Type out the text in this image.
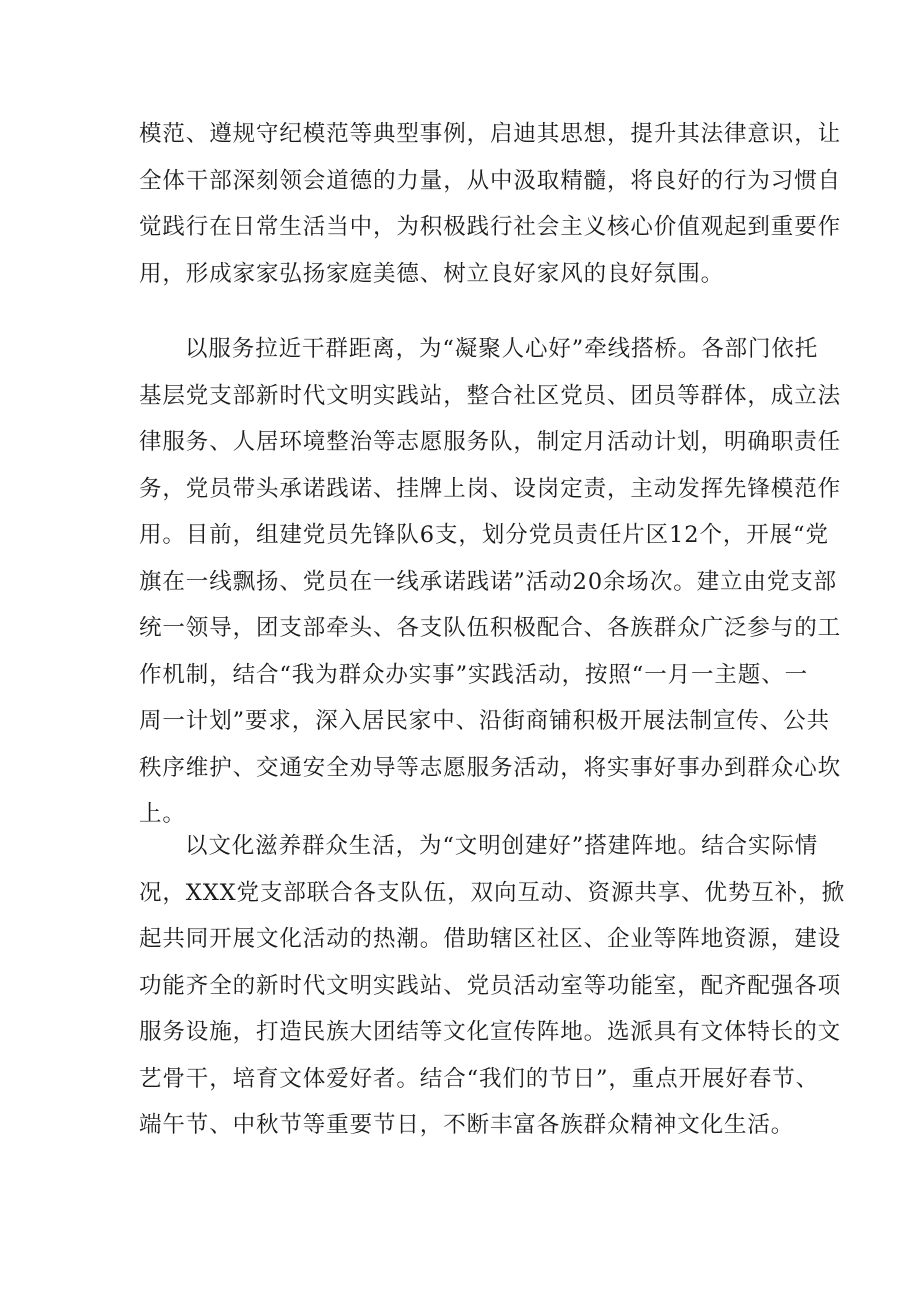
模范、遵规守纪模范等典型事例，启迪其思想，提升其法律意识，让
全体干部深刻领会道德的力量，从中汲取精髓，将良好的行为习惯自
觉践行在日常生活当中，为积极践行社会主义核心价值观起到重要作
用，形成家家弘扬家庭美德、树立良好家风的良好氛围。
以服务拉近干群距离，为“凝聚人心好”牵线搭桥。各部门依托
基层党支部新时代文明实践站，整合社区党员、团员等群体，成立法
律服务、人居环境整治等志愿服务队，制定月活动计划，明确职责任
务，党员带头承诺践诺、挂牌上岗、设岗定责，主动发挥先锋模范作
用。目前，组建党员先锋队6支，划分党员责任片区12个，开展“党
旗在一线飘扬、党员在一线承诺践诺”活动20余场次。建立由党支部
统一领导，团支部牵头、各支队伍积极配合、各族群众广泛参与的工
作机制，结合“我为群众办实事”实践活动，按照“一月一主题、一
周一计划”要求，深入居民家中、沿街商铺积极开展法制宣传、公共
秩序维护、交通安全劝导等志愿服务活动，将实事好事办到群众心坎
上。
以文化滋养群众生活，为“文明创建好”搭建阵地。结合实际情
况，XXX党支部联合各支队伍，双向互动、资源共享、优势互补，掀
起共同开展文化活动的热潮。借助辖区社区、企业等阵地资源，建设
功能齐全的新时代文明实践站、党员活动室等功能室，配齐配强各项
服务设施，打造民族大团结等文化宣传阵地。选派具有文体特长的文
艺骨干，培育文体爱好者。结合“我们的节日”，重点开展好春节、
端午节、中秋节等重要节日，不断丰富各族群众精神文化生活。
